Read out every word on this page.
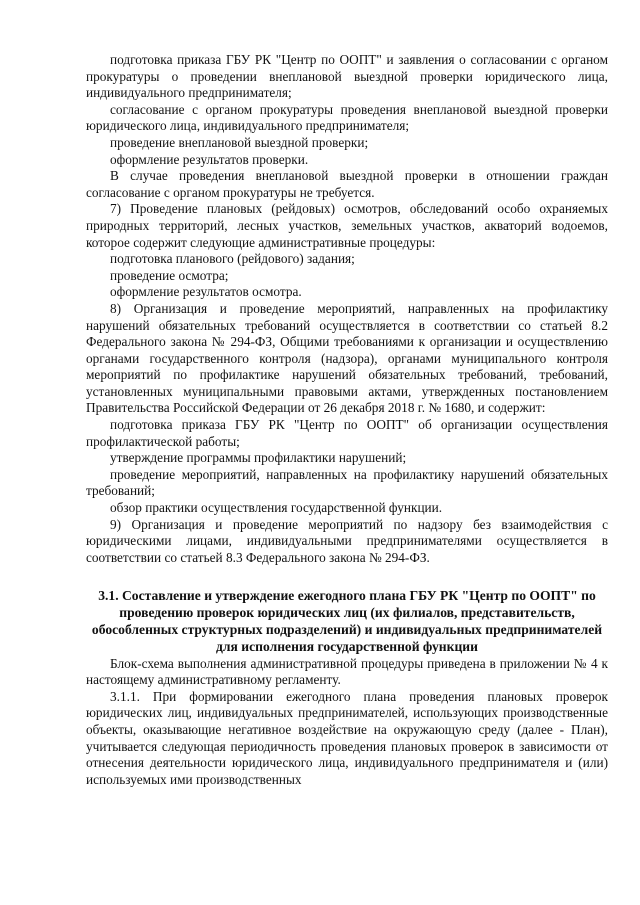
подготовка приказа ГБУ РК "Центр по ООПТ" и заявления о согласовании с органом прокуратуры о проведении внеплановой выездной проверки юридического лица, индивидуального предпринимателя;

согласование с органом прокуратуры проведения внеплановой выездной проверки юридического лица, индивидуального предпринимателя;

проведение внеплановой выездной проверки;

оформление результатов проверки.

В случае проведения внеплановой выездной проверки в отношении граждан согласование с органом прокуратуры не требуется.

7) Проведение плановых (рейдовых) осмотров, обследований особо охраняемых природных территорий, лесных участков, земельных участков, акваторий водоемов, которое содержит следующие административные процедуры:

подготовка планового (рейдового) задания;

проведение осмотра;

оформление результатов осмотра.

8) Организация и проведение мероприятий, направленных на профилактику нарушений обязательных требований осуществляется в соответствии со статьей 8.2 Федерального закона № 294-ФЗ, Общими требованиями к организации и осуществлению органами государственного контроля (надзора), органами муниципального контроля мероприятий по профилактике нарушений обязательных требований, требований, установленных муниципальными правовыми актами, утвержденных постановлением Правительства Российской Федерации от 26 декабря 2018 г. № 1680, и содержит:

подготовка приказа ГБУ РК "Центр по ООПТ" об организации осуществления профилактической работы;

утверждение программы профилактики нарушений;

проведение мероприятий, направленных на профилактику нарушений обязательных требований;

обзор практики осуществления государственной функции.

9) Организация и проведение мероприятий по надзору без взаимодействия с юридическими лицами, индивидуальными предпринимателями осуществляется в соответствии со статьей 8.3 Федерального закона № 294-ФЗ.

3.1. Составление и утверждение ежегодного плана ГБУ РК "Центр по ООПТ" по проведению проверок юридических лиц (их филиалов, представительств, обособленных структурных подразделений) и индивидуальных предпринимателей для исполнения государственной функции

Блок-схема выполнения административной процедуры приведена в приложении № 4 к настоящему административному регламенту.

3.1.1. При формировании ежегодного плана проведения плановых проверок юридических лиц, индивидуальных предпринимателей, использующих производственные объекты, оказывающие негативное воздействие на окружающую среду (далее - План), учитывается следующая периодичность проведения плановых проверок в зависимости от отнесения деятельности юридического лица, индивидуального предпринимателя и (или) используемых ими производственных
